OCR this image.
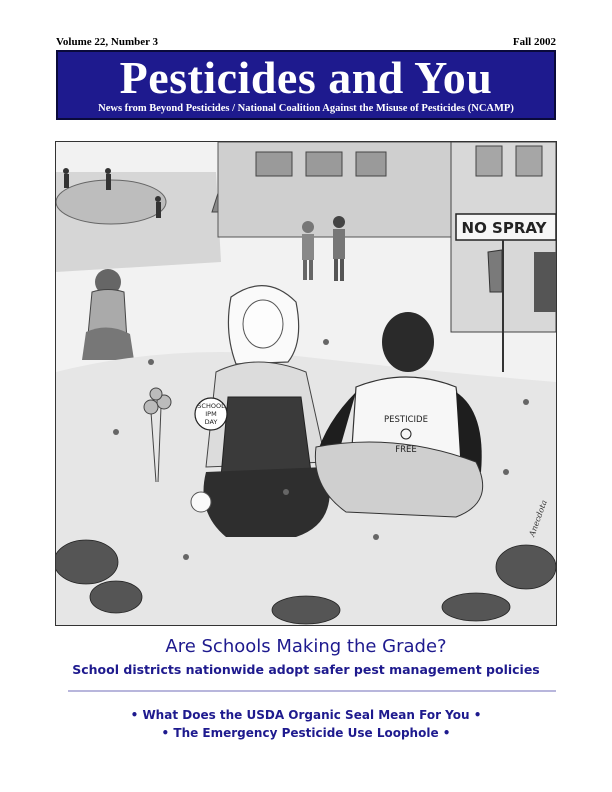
Volume 22, Number 3	Fall 2002
Pesticides and You
News from Beyond Pesticides / National Coalition Against the Misuse of Pesticides (NCAMP)
NO SPRAY
SCHOOL
IPM
DAY	PESTICIDE
FREE
Anecdota
Are Schools Making the Grade?
School districts nationwide adopt safer pest management policies
• What Does the USDA Organic Seal Mean For You •
• The Emergency Pesticide Use Loophole •
